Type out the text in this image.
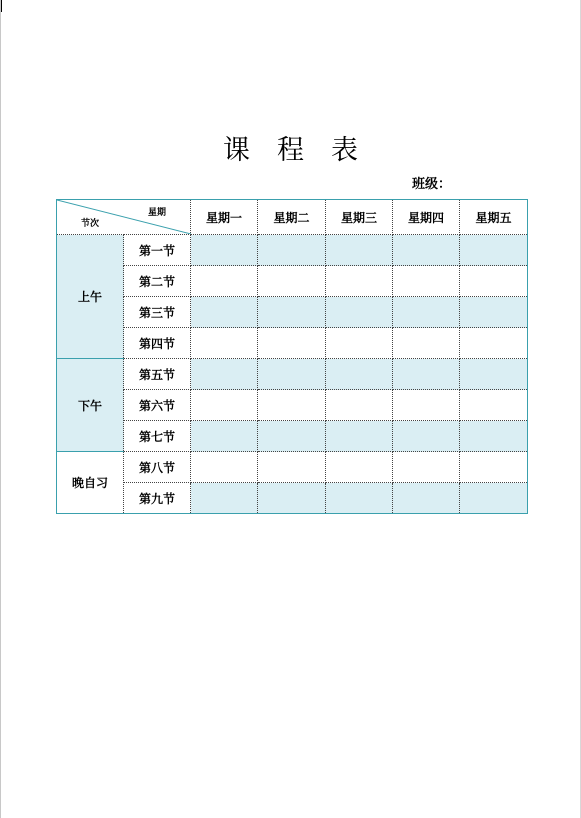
课　程　表
班级：
星期
节次		星期一	星期二	星期三	星期四	星期五
上午	第一节					
	第二节					
	第三节					
	第四节					
下午	第五节					
	第六节					
	第七节					
晚自习	第八节					
	第九节					
